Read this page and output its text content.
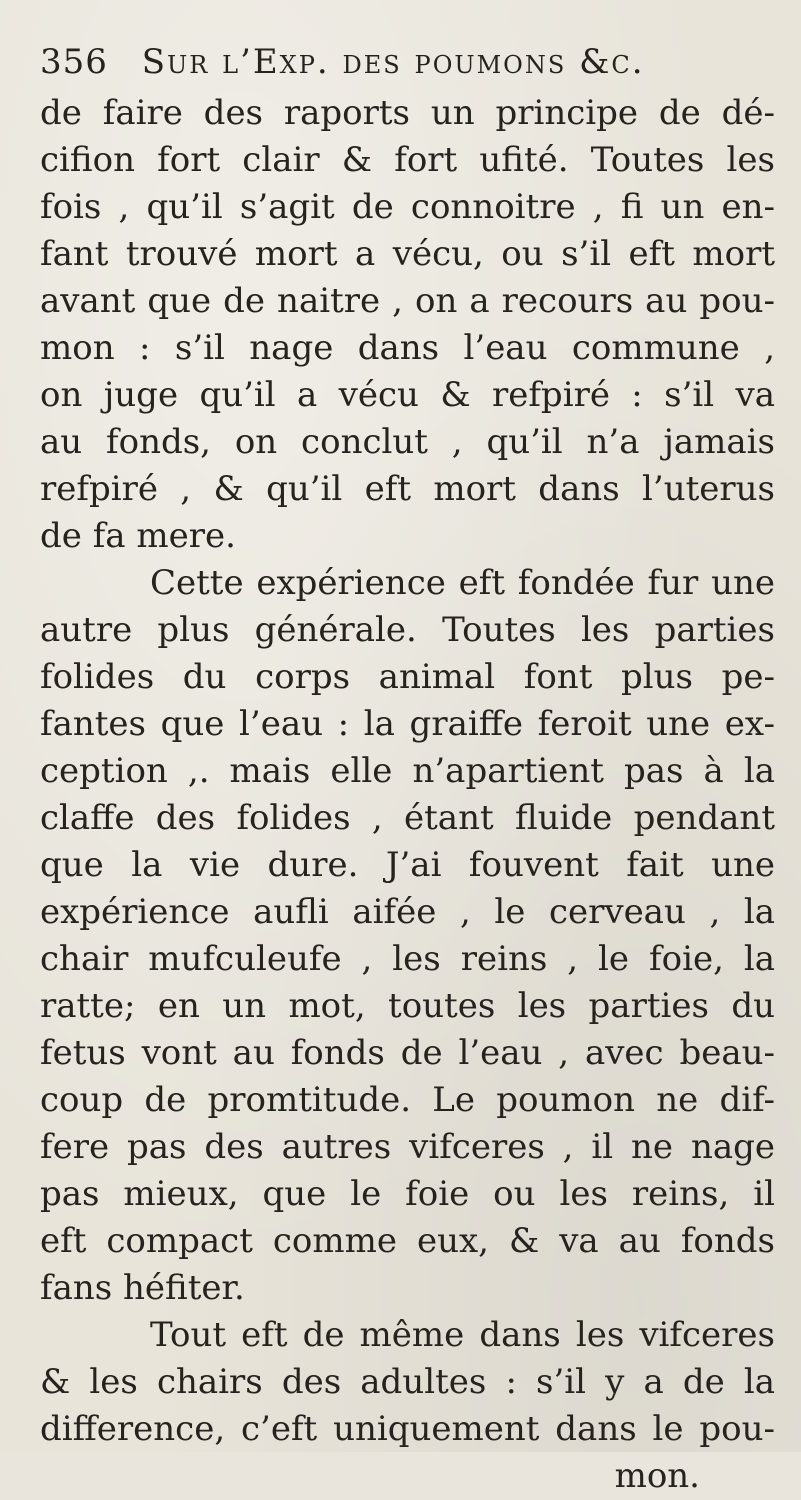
356 Sur l’Exp. des poumons &c.
de faire des raports un principe de dé-
cifion fort clair & fort ufité. Toutes les
fois , qu’il s’agit de connoitre , fi un en-
fant trouvé mort a vécu, ou s’il eft mort
avant que de naitre , on a recours au pou-
mon : s’il nage dans l’eau commune ,
on juge qu’il a vécu & refpiré : s’il va
au fonds, on conclut , qu’il n’a jamais
refpiré , & qu’il eft mort dans l’uterus
de fa mere.
Cette expérience eft fondée fur une
autre plus générale. Toutes les parties
folides du corps animal font plus pe-
fantes que l’eau : la graiffe feroit une ex-
ception ,. mais elle n’apartient pas à la
claffe des folides , étant fluide pendant
que la vie dure. J’ai fouvent fait une
expérience aufli aifée , le cerveau , la
chair mufculeufe , les reins , le foie, la
ratte; en un mot, toutes les parties du
fetus vont au fonds de l’eau , avec beau-
coup de promtitude. Le poumon ne dif-
fere pas des autres vifceres , il ne nage
pas mieux, que le foie ou les reins, il
eft compact comme eux, & va au fonds
fans héfiter.
Tout eft de même dans les vifceres
& les chairs des adultes : s’il y a de la
difference, c’eft uniquement dans le pou-
mon.
